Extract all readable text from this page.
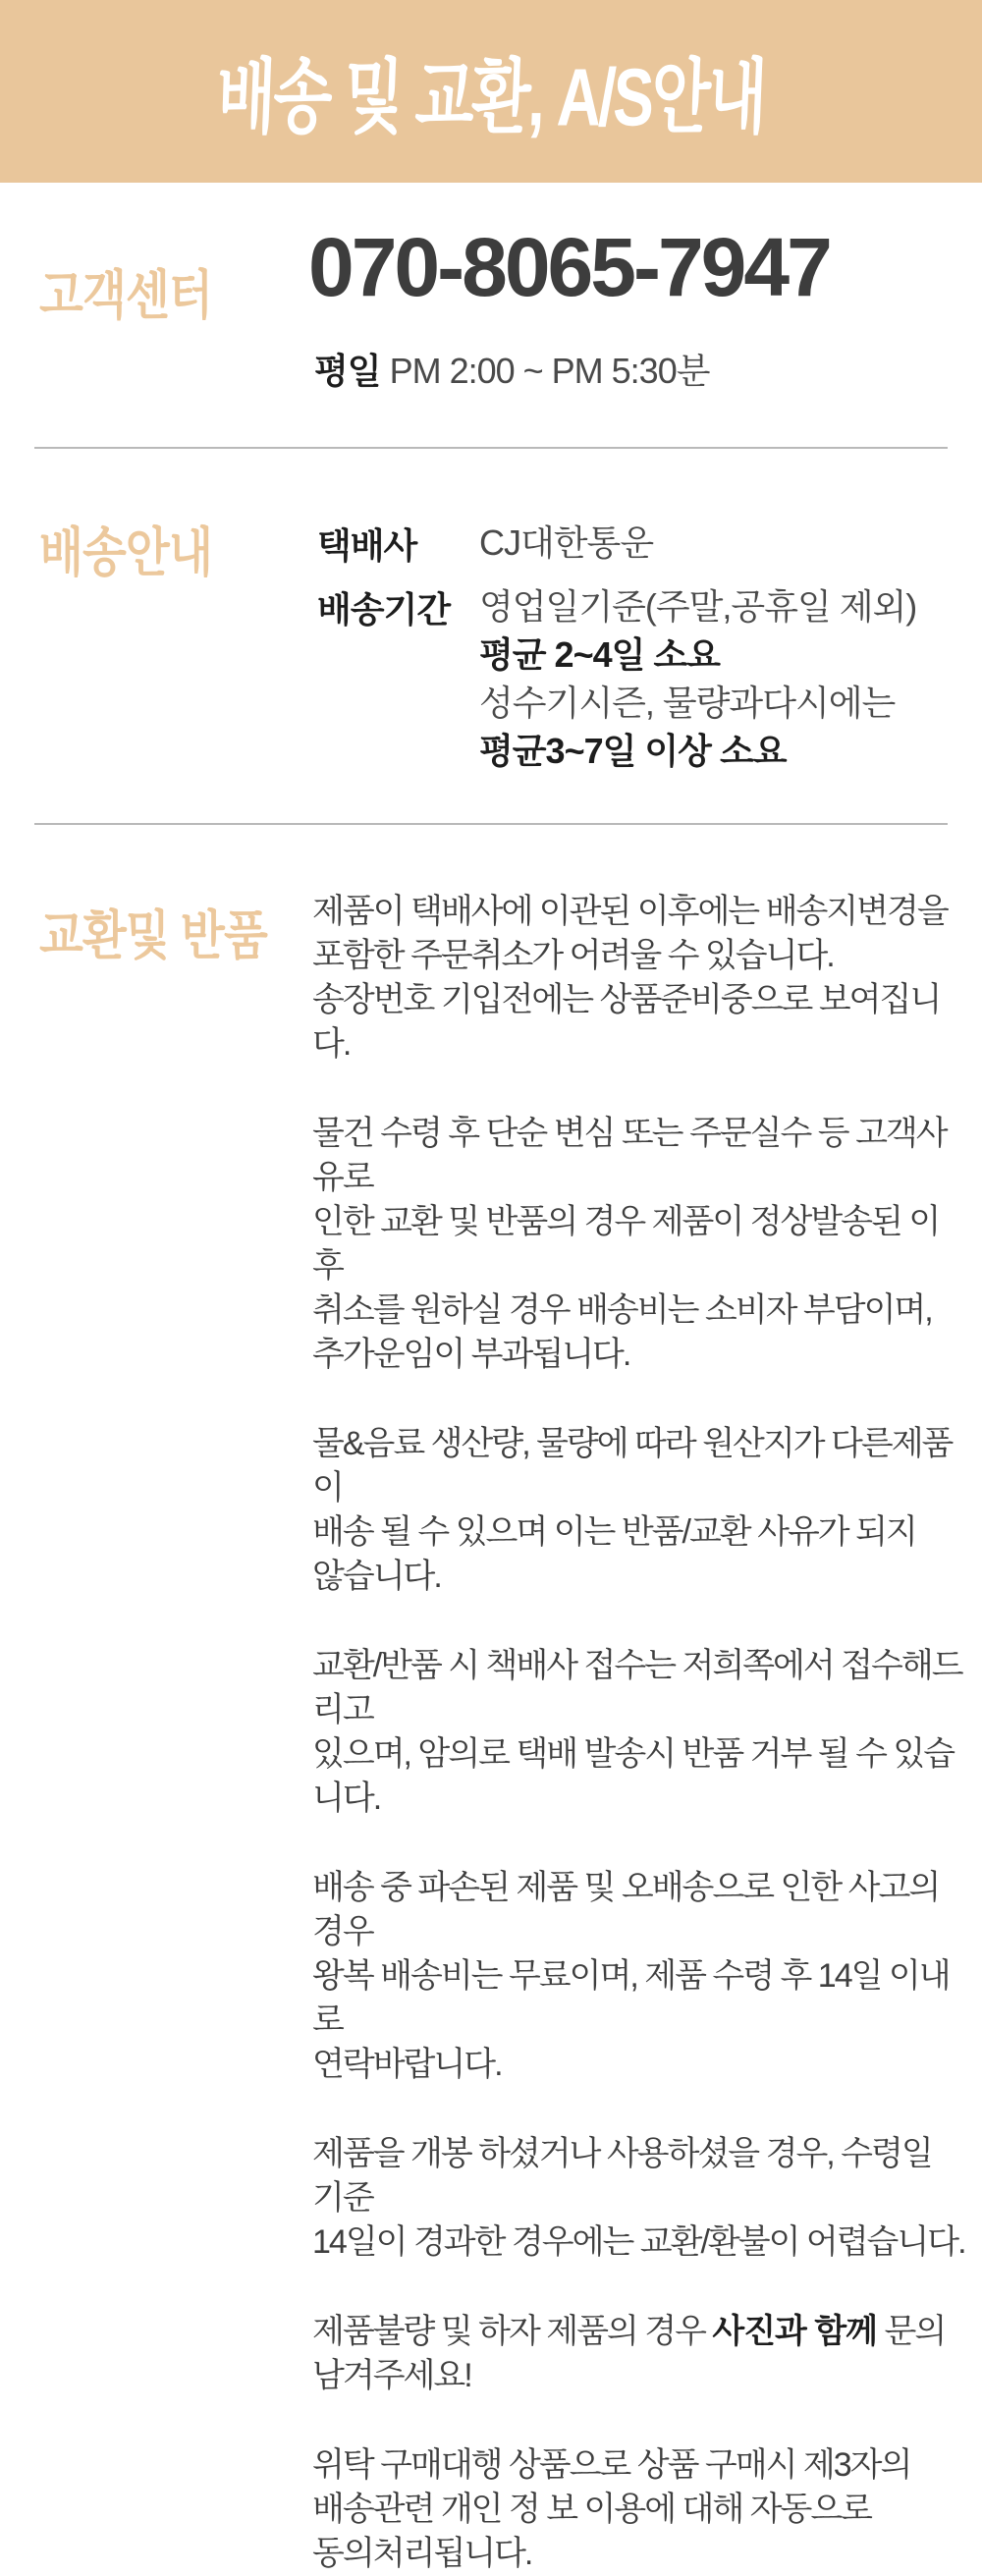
배송 및 교환, A/S안내
고객센터 070-8065-7947
평일 PM 2:00 ~ PM 5:30분
배송안내	택배사	CJ대한통운
배송기간 영업일기준(주말,공휴일 제외)
평균 2~4일 소요
성수기시즌, 물량과다시에는
평균3~7일 이상 소요
교환및 반품 제품이 택배사에 이관된 이후에는 배송지변경을
포함한 주문취소가 어려울 수 있습니다.
송장번호 기입전에는 상품준비중으로 보여집니다.

물건 수령 후 단순 변심 또는 주문실수 등 고객사유로
인한 교환 및 반품의 경우 제품이 정상발송된 이후
취소를 원하실 경우 배송비는 소비자 부담이며,
추가운임이 부과됩니다.

물&음료 생산량, 물량에 따라 원산지가 다른제품이
배송 될 수 있으며 이는 반품/교환 사유가 되지
않습니다.

교환/반품 시 책배사 접수는 저희쪽에서 접수해드리고
있으며, 암의로 택배 발송시 반품 거부 될 수 있습니다.

배송 중 파손된 제품 및 오배송으로 인한 사고의 경우
왕복 배송비는 무료이며, 제품 수령 후 14일 이내로
연락바랍니다.

제품을 개봉 하셨거나 사용하셨을 경우, 수령일 기준
14일이 경과한 경우에는 교환/환불이 어렵습니다.

제품불량 및 하자 제품의 경우 사진과 함께 문의
남겨주세요!

위탁 구매대행 상품으로 상품 구매시 제3자의
배송관련 개인 정 보 이용에 대해 자동으로
동의처리됩니다.
